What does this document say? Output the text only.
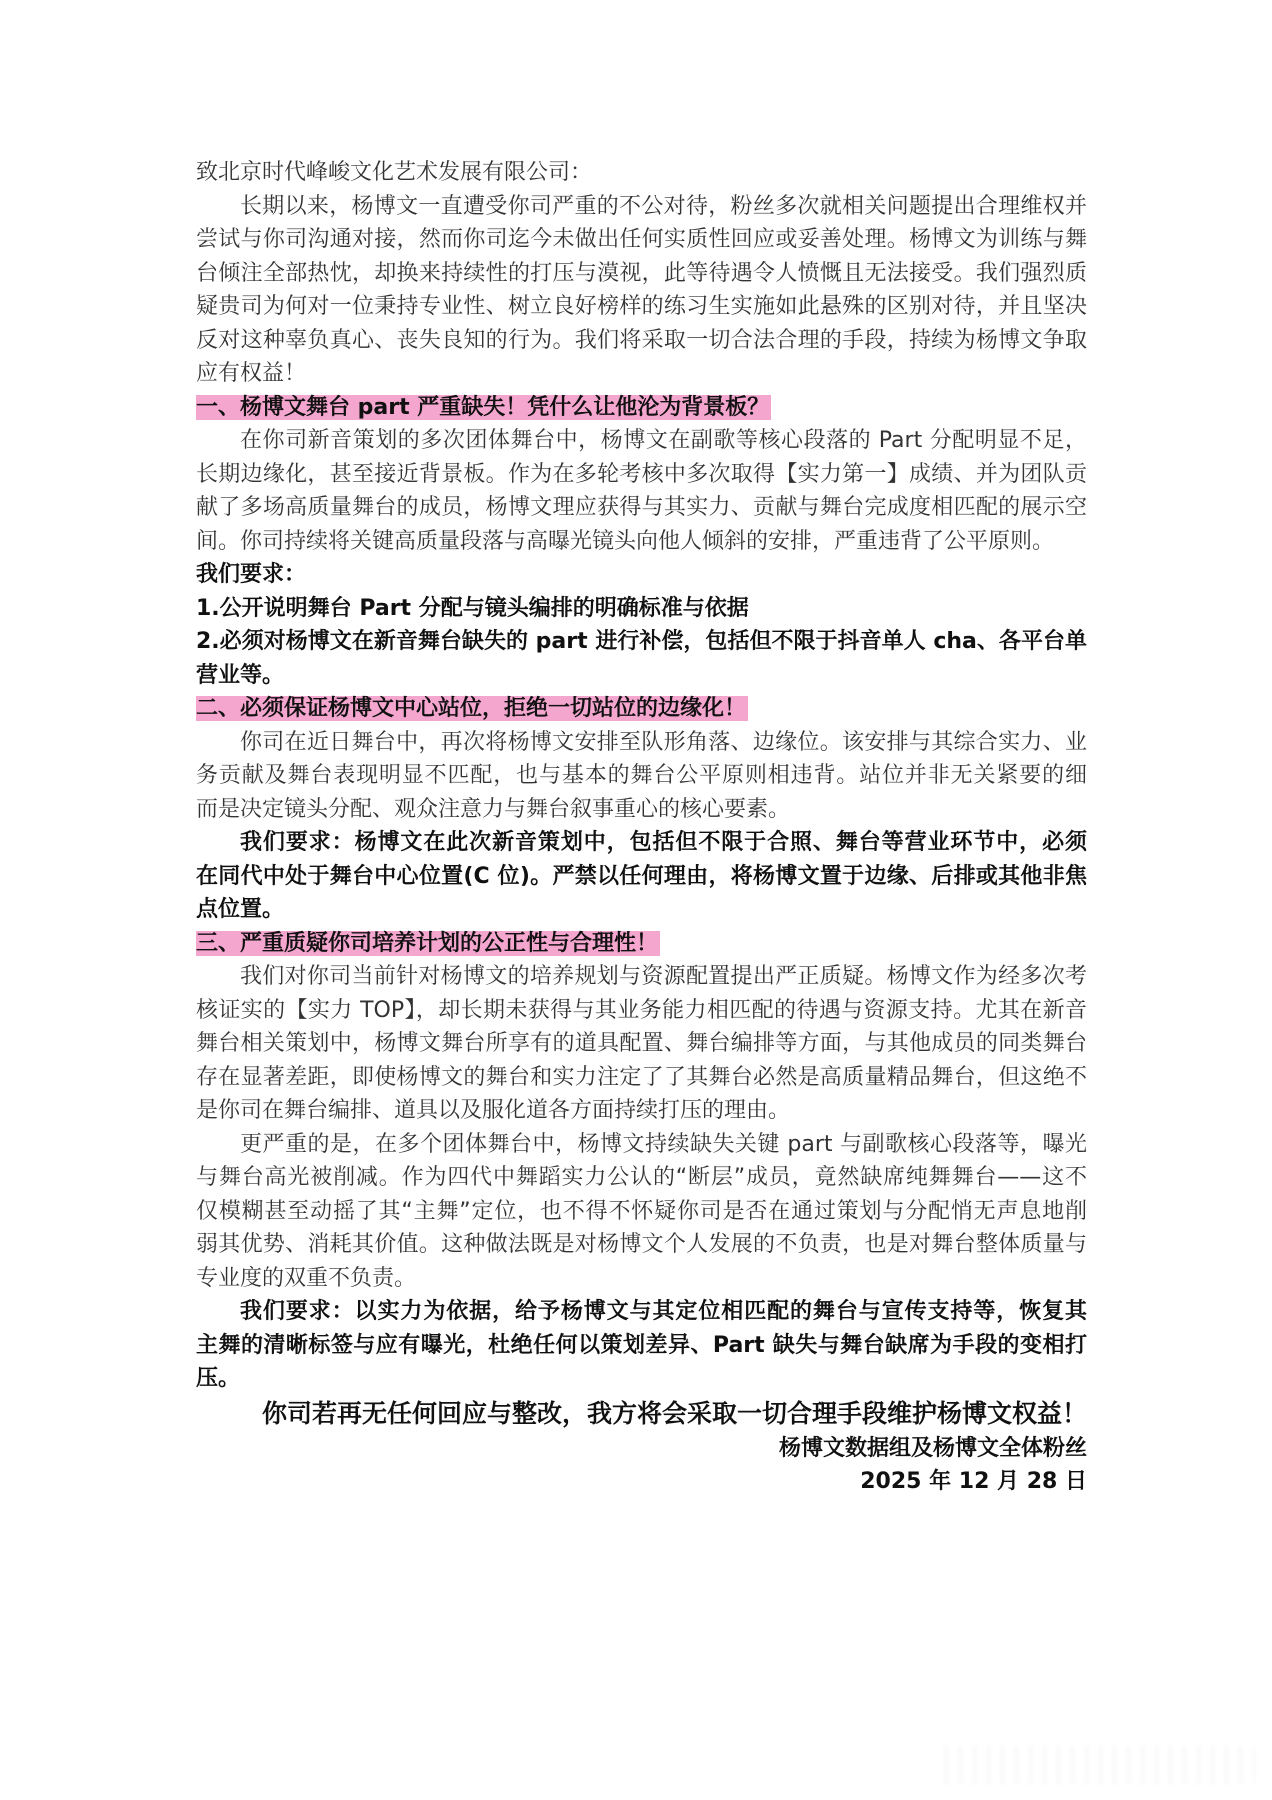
致北京时代峰峻文化艺术发展有限公司：
长期以来，杨博文一直遭受你司严重的不公对待，粉丝多次就相关问题提出合理维权并
尝试与你司沟通对接，然而你司迄今未做出任何实质性回应或妥善处理。杨博文为训练与舞
台倾注全部热忱，却换来持续性的打压与漠视，此等待遇令人愤慨且无法接受。我们强烈质
疑贵司为何对一位秉持专业性、树立良好榜样的练习生实施如此悬殊的区别对待，并且坚决
反对这种辜负真心、丧失良知的行为。我们将采取一切合法合理的手段，持续为杨博文争取
应有权益！
一、杨博文舞台 part 严重缺失！凭什么让他沦为背景板？
在你司新音策划的多次团体舞台中，杨博文在副歌等核心段落的 Part 分配明显不足，
长期边缘化，甚至接近背景板。作为在多轮考核中多次取得【实力第一】成绩、并为团队贡
献了多场高质量舞台的成员，杨博文理应获得与其实力、贡献与舞台完成度相匹配的展示空
间。你司持续将关键高质量段落与高曝光镜头向他人倾斜的安排，严重违背了公平原则。
我们要求：
1.公开说明舞台 Part 分配与镜头编排的明确标准与依据
2.必须对杨博文在新音舞台缺失的 part 进行补偿，包括但不限于抖音单人 cha、各平台单
营业等。
二、必须保证杨博文中心站位，拒绝一切站位的边缘化！
你司在近日舞台中，再次将杨博文安排至队形角落、边缘位。该安排与其综合实力、业
务贡献及舞台表现明显不匹配，也与基本的舞台公平原则相违背。站位并非无关紧要的细
而是决定镜头分配、观众注意力与舞台叙事重心的核心要素。
我们要求：杨博文在此次新音策划中，包括但不限于合照、舞台等营业环节中，必须
在同代中处于舞台中心位置(C 位)。严禁以任何理由，将杨博文置于边缘、后排或其他非焦
点位置。
三、严重质疑你司培养计划的公正性与合理性！
我们对你司当前针对杨博文的培养规划与资源配置提出严正质疑。杨博文作为经多次考
核证实的【实力 TOP】，却长期未获得与其业务能力相匹配的待遇与资源支持。尤其在新音
舞台相关策划中，杨博文舞台所享有的道具配置、舞台编排等方面，与其他成员的同类舞台
存在显著差距，即使杨博文的舞台和实力注定了了其舞台必然是高质量精品舞台，但这绝不
是你司在舞台编排、道具以及服化道各方面持续打压的理由。
更严重的是，在多个团体舞台中，杨博文持续缺失关键 part 与副歌核心段落等，曝光
与舞台高光被削减。作为四代中舞蹈实力公认的“断层”成员，竟然缺席纯舞舞台——这不
仅模糊甚至动摇了其“主舞”定位，也不得不怀疑你司是否在通过策划与分配悄无声息地削
弱其优势、消耗其价值。这种做法既是对杨博文个人发展的不负责，也是对舞台整体质量与
专业度的双重不负责。
我们要求：以实力为依据，给予杨博文与其定位相匹配的舞台与宣传支持等，恢复其
主舞的清晰标签与应有曝光，杜绝任何以策划差异、Part 缺失与舞台缺席为手段的变相打
压。
你司若再无任何回应与整改，我方将会采取一切合理手段维护杨博文权益！
杨博文数据组及杨博文全体粉丝
2025 年 12 月 28 日
